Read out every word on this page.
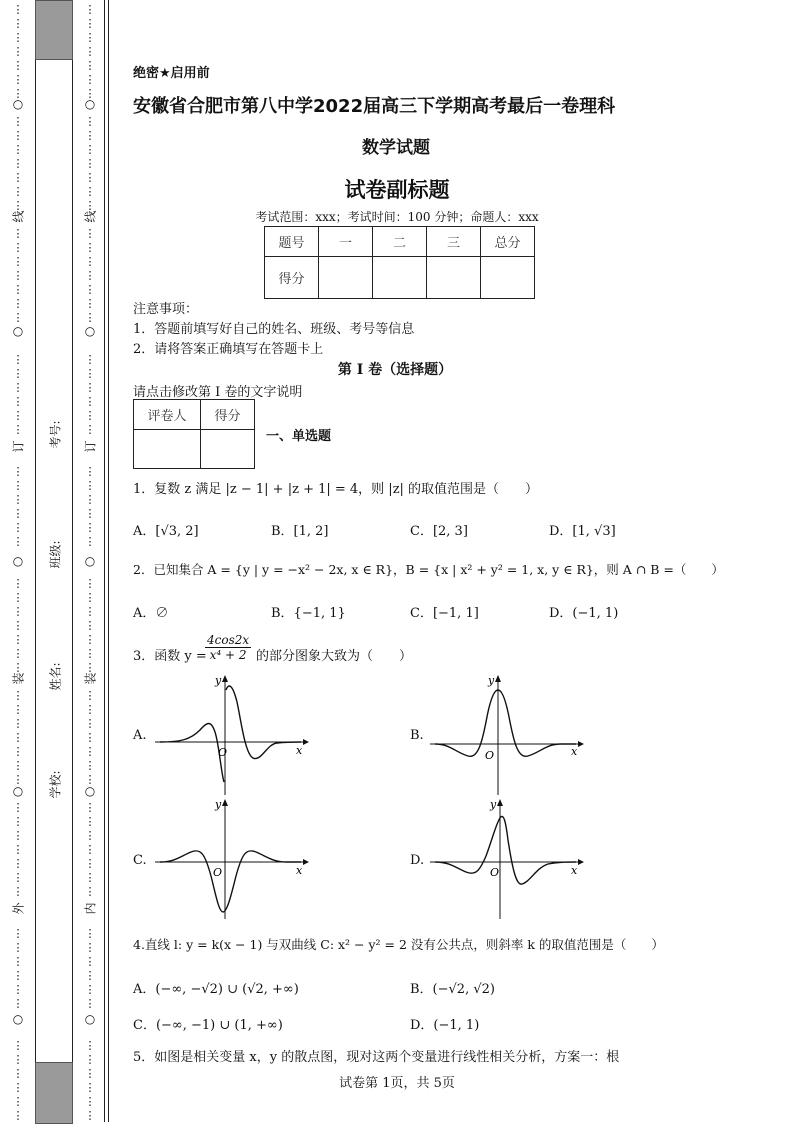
⋮
⋮
⋮
⋮
⋮
⋮
⋮
⋮
⋮
⋮
⋮
⋮
⋮
⋮
⋮
⋮
⋮
⋮
⋮
⋮
⋮
⋮
⋮
⋮
⋮
⋮
⋮
⋮
⋮
⋮
⋮
⋮
⋮
⋮
⋮
⋮
⋮
⋮
⋮
⋮
⋮
⋮
⋮
⋮
⋮
⋮
⋮
⋮
⋮
⋮
⋮
⋮
⋮
⋮
⋮
⋮
⋮
⋮
⋮
⋮
⋮
⋮
⋮
⋮
⋮
⋮
○
线
○
订
○
装
○
外
○
⋮
⋮
⋮
⋮
⋮
⋮
⋮
⋮
⋮
⋮
⋮
⋮
⋮
⋮
⋮
⋮
⋮
⋮
⋮
⋮
⋮
⋮
⋮
⋮
⋮
⋮
⋮
⋮
⋮
⋮
⋮
⋮
⋮
⋮
⋮
⋮
⋮
⋮
⋮
⋮
⋮
⋮
⋮
⋮
⋮
⋮
⋮
⋮
⋮
⋮
⋮
⋮
⋮
⋮
⋮
⋮
⋮
⋮
⋮
⋮
⋮
⋮
⋮
⋮
⋮
⋮
○
线
○
订
○
装
○
内
○
考号:
班级:
姓名:
学校:
绝密★启用前
安徽省合肥市第八中学2022届高三下学期高考最后一卷理科
数学试题
试卷副标题
考试范围：xxx；考试时间：100 分钟；命题人：xxx
题号	一	二	三	总分
得分				
注意事项：
1．答题前填写好自己的姓名、班级、考号等信息
2．请将答案正确填写在答题卡上
第 I 卷（选择题）
请点击修改第 I 卷的文字说明
评卷人	得分

一、单选题
1．复数 z 满足 |z − 1| + |z + 1| = 4，则 |z| 的取值范围是（　　）
A．[√3, 2]	B．[1, 2]	C．[2, 3]	D．[1, √3]
2．已知集合 A = {y | y = −x² − 2x, x ∈ R}，B = {x | x² + y² = 1, x, y ∈ R}，则 A ∩ B =（　　）
A．∅	B．{−1, 1}	C．[−1, 1]	D．(−1, 1)
3．函数 y =
$\frac{4\cos 2x}{\text{x⁴ + 2}}$ 的部分图象大致为（　　）
A.	B.
C.	D.
O
y
x	O
y
x
O
y
x	O
y
x
4.直线 l: y = k(x − 1) 与双曲线 C: x² − y² = 2 没有公共点，则斜率 k 的取值范围是（　　）
A．(−∞, −√2) ∪ (√2, +∞)	B．(−√2, √2)
C．(−∞, −1) ∪ (1, +∞)	D．(−1, 1)
5．如图是相关变量 x，y 的散点图，现对这两个变量进行线性相关分析，方案一：根
试卷第 1页，共 5页
